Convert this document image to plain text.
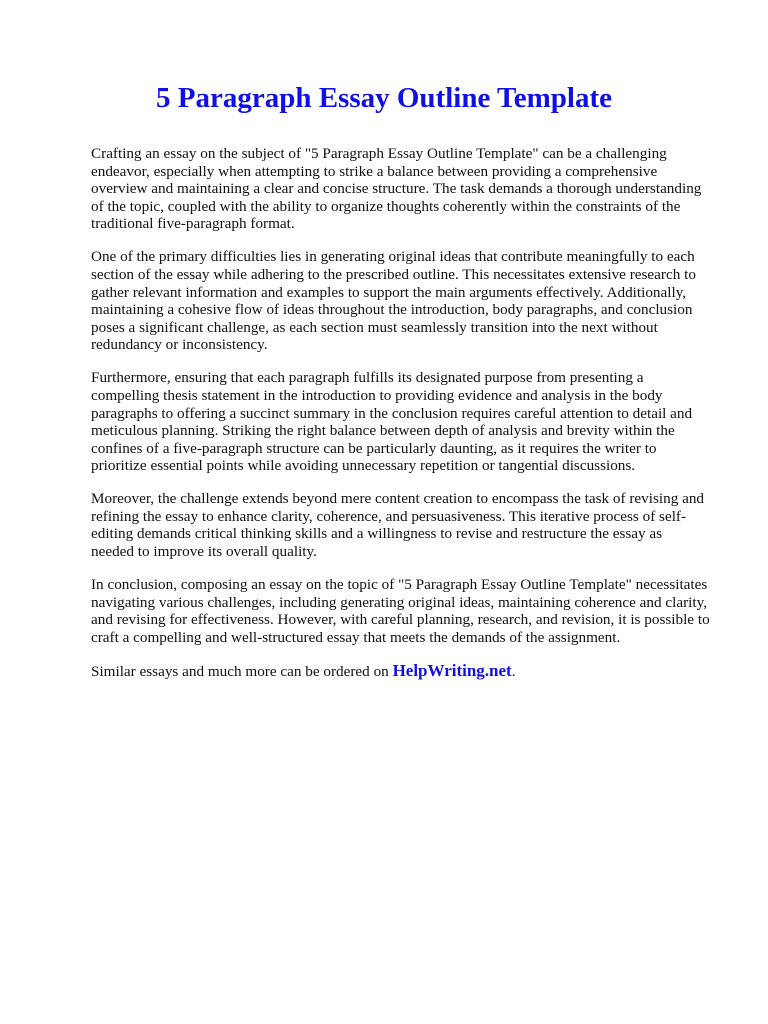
5 Paragraph Essay Outline Template

Crafting an essay on the subject of "5 Paragraph Essay Outline Template" can be a challenging
endeavor, especially when attempting to strike a balance between providing a comprehensive
overview and maintaining a clear and concise structure. The task demands a thorough understanding
of the topic, coupled with the ability to organize thoughts coherently within the constraints of the
traditional five-paragraph format.

One of the primary difficulties lies in generating original ideas that contribute meaningfully to each
section of the essay while adhering to the prescribed outline. This necessitates extensive research to
gather relevant information and examples to support the main arguments effectively. Additionally,
maintaining a cohesive flow of ideas throughout the introduction, body paragraphs, and conclusion
poses a significant challenge, as each section must seamlessly transition into the next without
redundancy or inconsistency.

Furthermore, ensuring that each paragraph fulfills its designated purpose from presenting a
compelling thesis statement in the introduction to providing evidence and analysis in the body
paragraphs to offering a succinct summary in the conclusion requires careful attention to detail and
meticulous planning. Striking the right balance between depth of analysis and brevity within the
confines of a five-paragraph structure can be particularly daunting, as it requires the writer to
prioritize essential points while avoiding unnecessary repetition or tangential discussions.

Moreover, the challenge extends beyond mere content creation to encompass the task of revising and
refining the essay to enhance clarity, coherence, and persuasiveness. This iterative process of self-
editing demands critical thinking skills and a willingness to revise and restructure the essay as
needed to improve its overall quality.

In conclusion, composing an essay on the topic of "5 Paragraph Essay Outline Template" necessitates
navigating various challenges, including generating original ideas, maintaining coherence and clarity,
and revising for effectiveness. However, with careful planning, research, and revision, it is possible to
craft a compelling and well-structured essay that meets the demands of the assignment.

Similar essays and much more can be ordered on HelpWriting.net.
